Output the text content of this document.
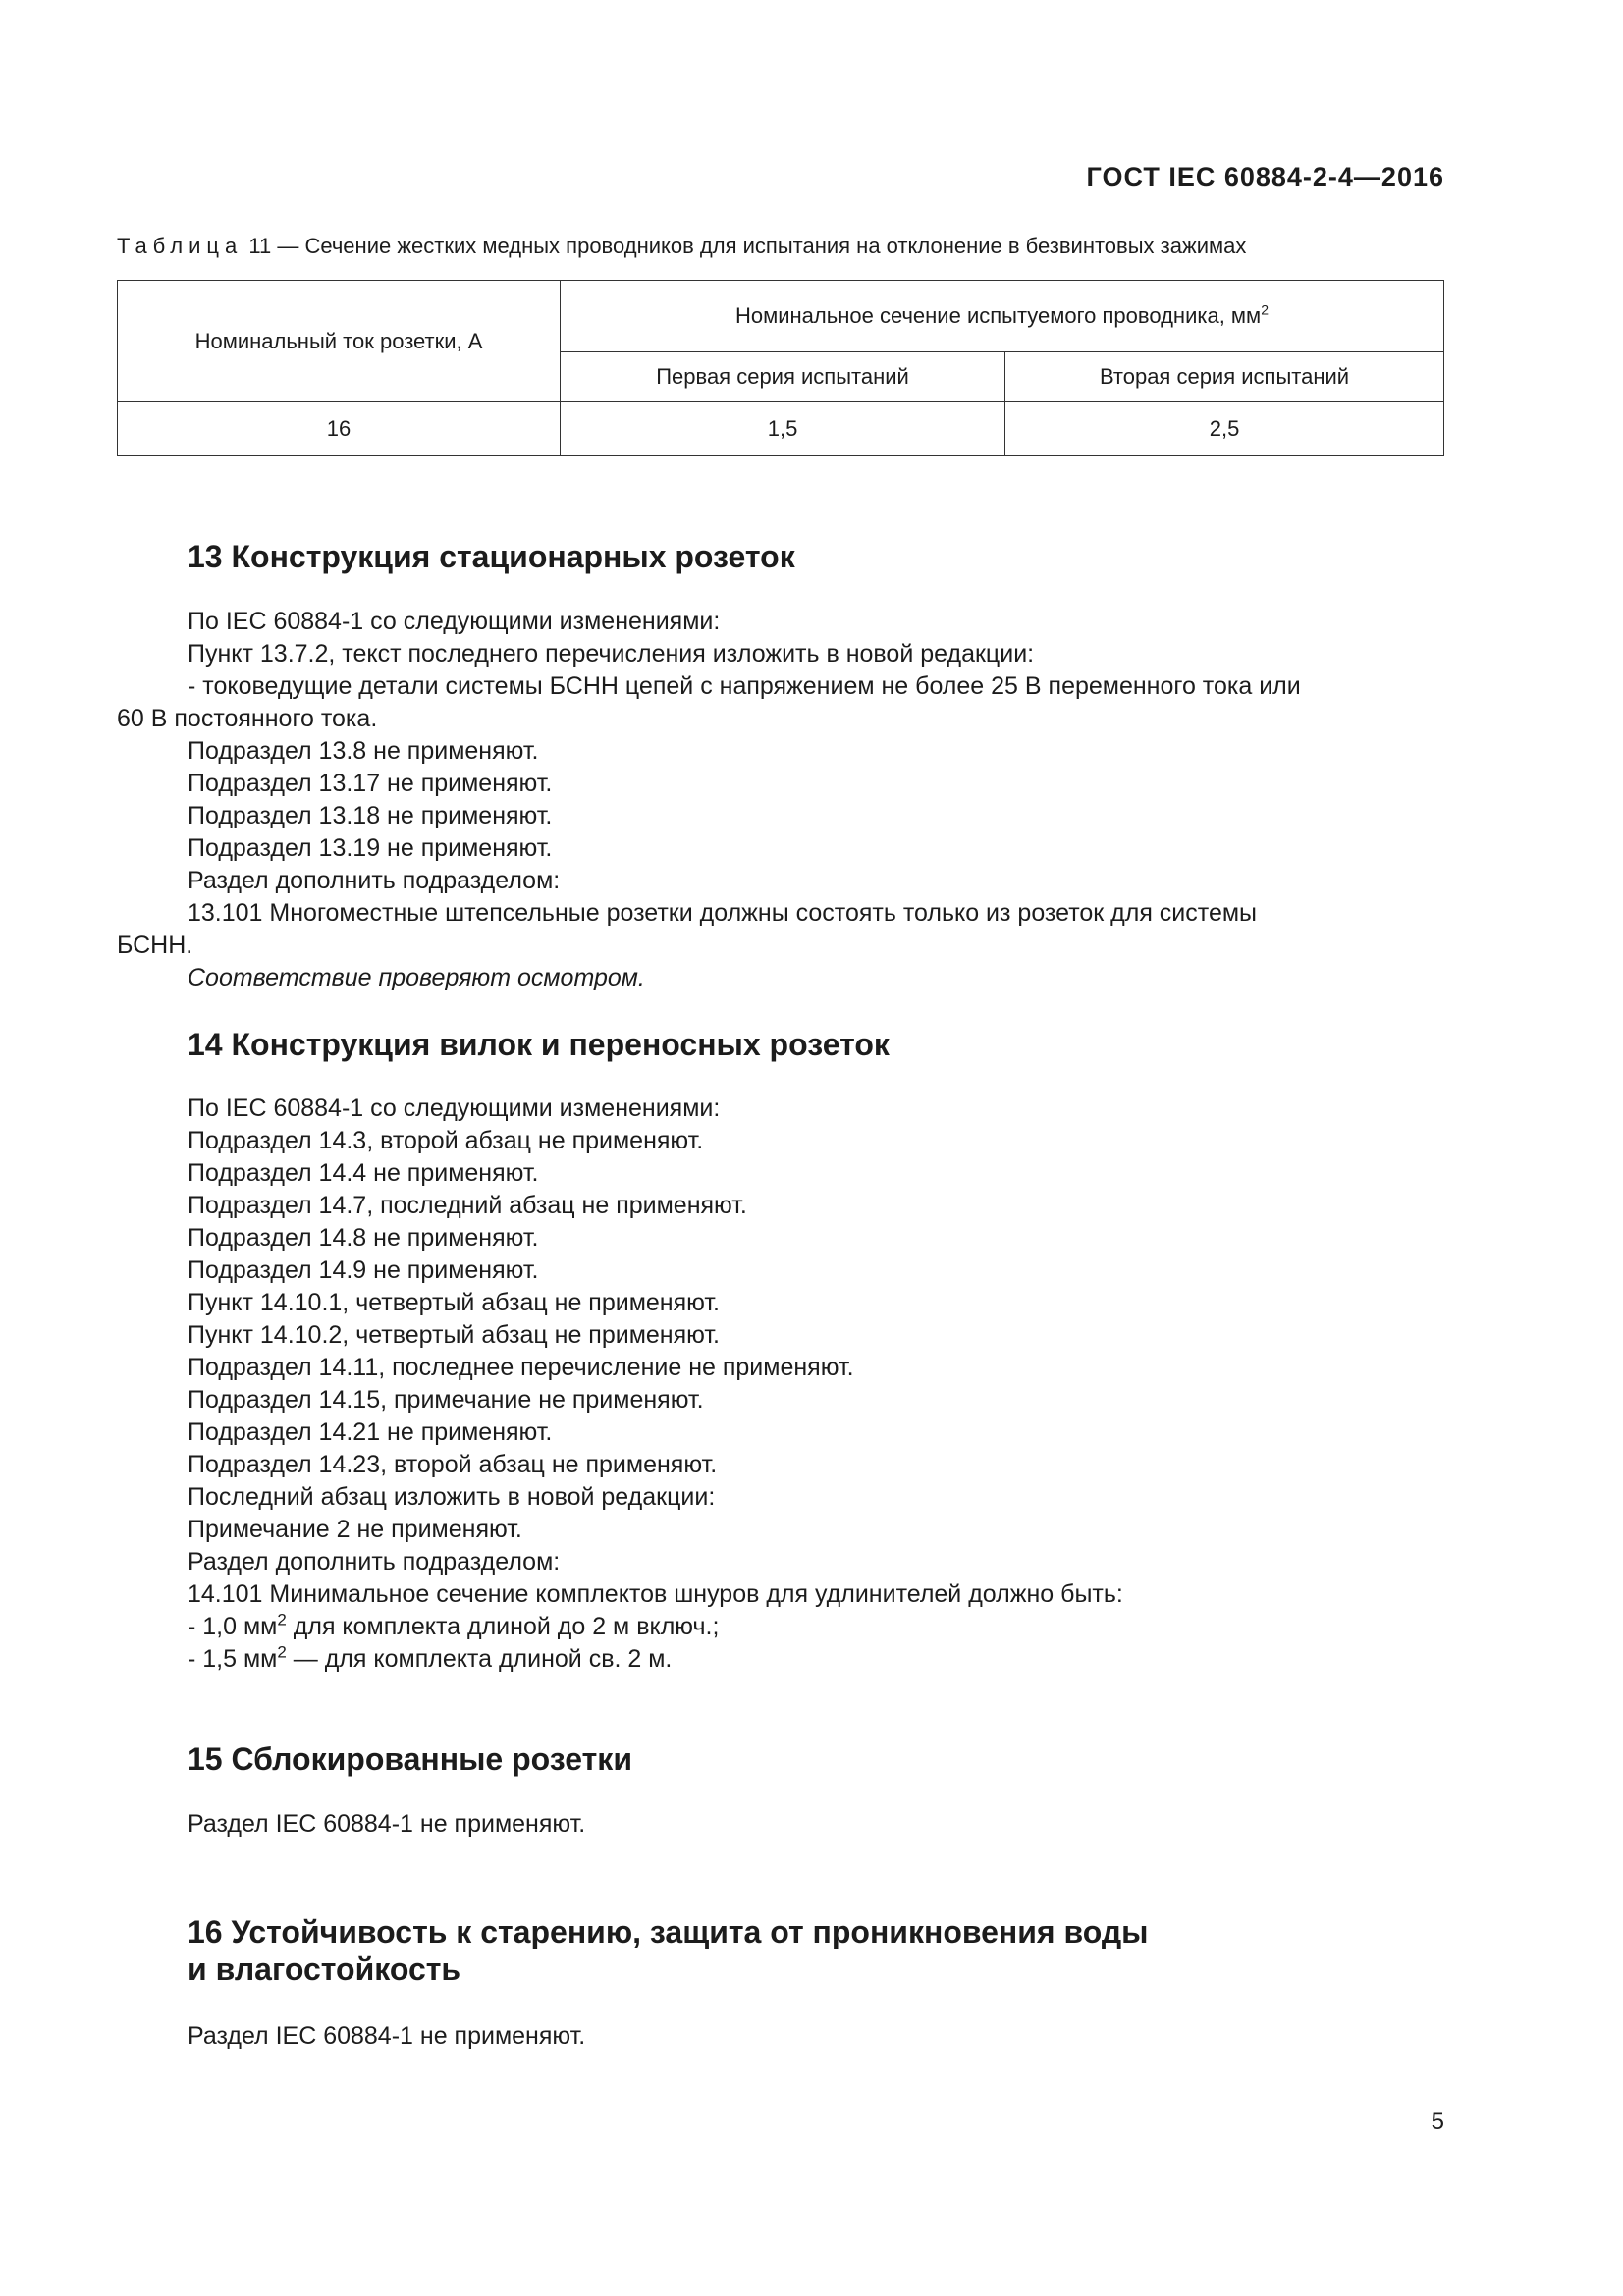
ГОСТ IEC 60884-2-4—2016
Таблица 11 — Сечение жестких медных проводников для испытания на отклонение в безвинтовых зажимах
Номинальный ток розетки, А	Номинальное сечение испытуемого проводника, $мм^2$
	Первая серия испытаний	Вторая серия испытаний
16	1,5	2,5
13 Конструкция стационарных розеток

По IEC 60884-1 со следующими изменениями:

Пункт 13.7.2, текст последнего перечисления изложить в новой редакции:

- токоведущие детали системы БСНН цепей с напряжением не более 25 В переменного тока или

60 В постоянного тока.

Подраздел 13.8 не применяют.

Подраздел 13.17 не применяют.

Подраздел 13.18 не применяют.

Подраздел 13.19 не применяют.

Раздел дополнить подразделом:

13.101 Многоместные штепсельные розетки должны состоять только из розеток для системы

БСНН.

Соответствие проверяют осмотром.

14 Конструкция вилок и переносных розеток

По IEC 60884-1 со следующими изменениями:

Подраздел 14.3, второй абзац не применяют.

Подраздел 14.4 не применяют.

Подраздел 14.7, последний абзац не применяют.

Подраздел 14.8 не применяют.

Подраздел 14.9 не применяют.

Пункт 14.10.1, четвертый абзац не применяют.

Пункт 14.10.2, четвертый абзац не применяют.

Подраздел 14.11, последнее перечисление не применяют.

Подраздел 14.15, примечание не применяют.

Подраздел 14.21 не применяют.

Подраздел 14.23, второй абзац не применяют.

Последний абзац изложить в новой редакции:

Примечание 2 не применяют.

Раздел дополнить подразделом:

14.101 Минимальное сечение комплектов шнуров для удлинителей должно быть:

- 1,0 $мм^2$ для комплекта длиной до 2 м включ.;

- 1,5 $мм^2$ — для комплекта длиной св. 2 м.

15 Сблокированные розетки

Раздел IEC 60884-1 не применяют.

16 Устойчивость к старению, защита от проникновения воды
и влагостойкость

Раздел IEC 60884-1 не применяют.

5
